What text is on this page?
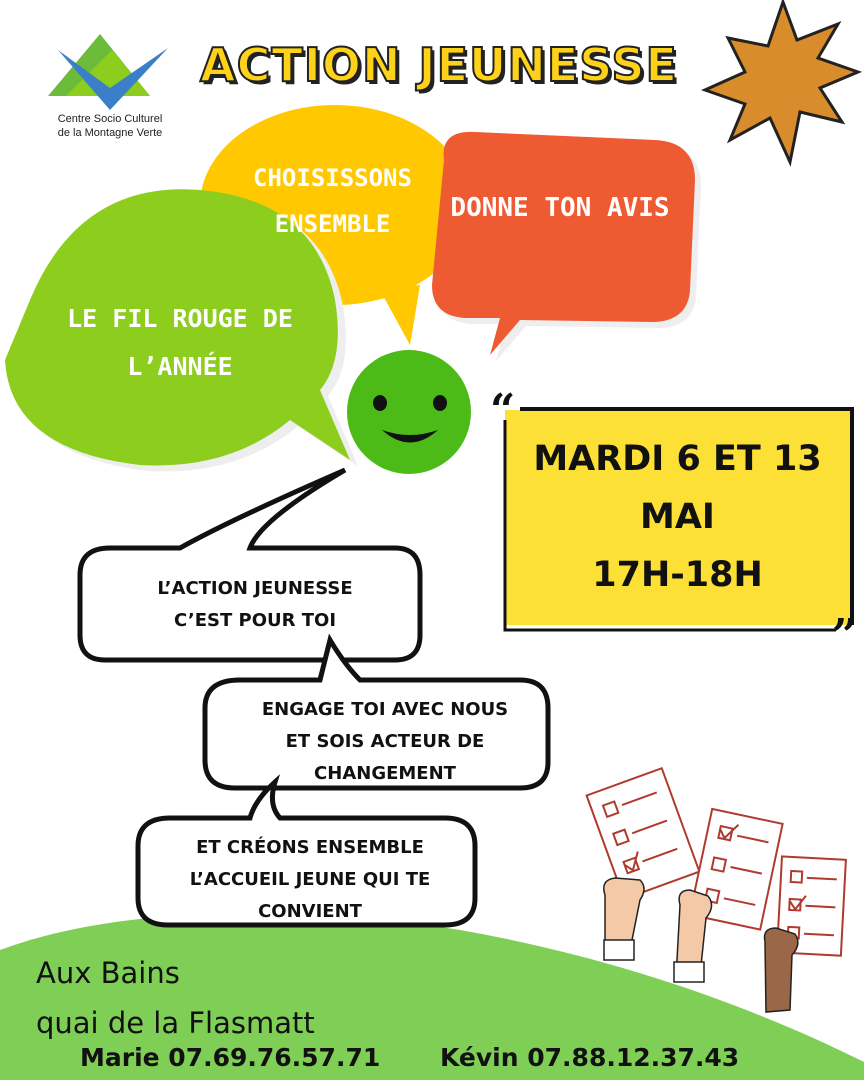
“
”
Centre Socio Culturel
de la Montagne Verte
ACTION JEUNESSE
CHOISISSONS
ENSEMBLE
DONNE TON AVIS
LE FIL ROUGE DE
L’ANNÉE
MARDI 6 ET 13
MAI
17H-18H
L’ACTION JEUNESSE
C’EST POUR TOI
ENGAGE TOI AVEC NOUS
ET SOIS ACTEUR DE
CHANGEMENT
ET CRÉONS ENSEMBLE
L’ACCUEIL JEUNE QUI TE
CONVIENT
Aux Bains
quai de la Flasmatt
Marie 07.69.76.57.71 Kévin 07.88.12.37.43
